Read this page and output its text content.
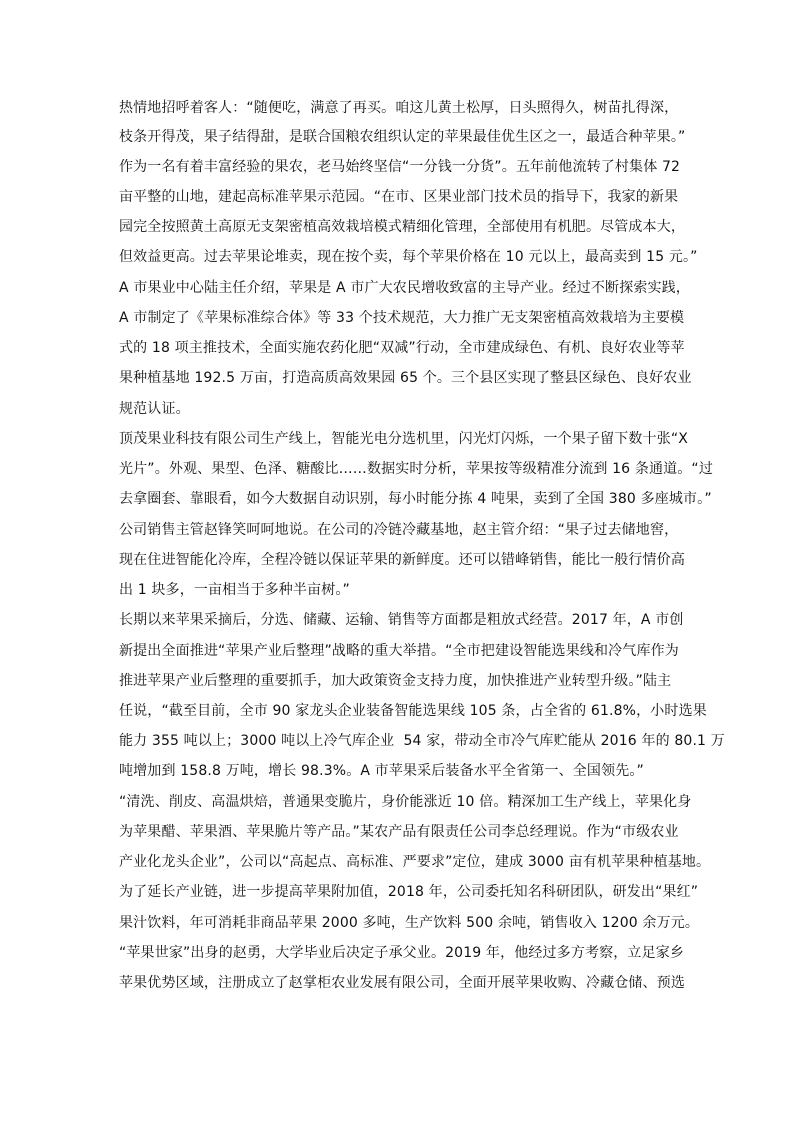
热情地招呼着客人：“随便吃，满意了再买。咱这儿黄土松厚，日头照得久，树苗扎得深，
枝条开得茂，果子结得甜，是联合国粮农组织认定的苹果最佳优生区之一，最适合种苹果。”
作为一名有着丰富经验的果农，老马始终坚信“一分钱一分货”。五年前他流转了村集体 72
亩平整的山地，建起高标准苹果示范园。“在市、区果业部门技术员的指导下，我家的新果
园完全按照黄土高原无支架密植高效栽培模式精细化管理，全部使用有机肥。尽管成本大，
但效益更高。过去苹果论堆卖，现在按个卖，每个苹果价格在 10 元以上，最高卖到 15 元。”
A 市果业中心陆主任介绍，苹果是 A 市广大农民增收致富的主导产业。经过不断探索实践，
A 市制定了《苹果标准综合体》等 33 个技术规范，大力推广无支架密植高效栽培为主要模
式的 18 项主推技术，全面实施农药化肥“双减”行动，全市建成绿色、有机、良好农业等苹
果种植基地 192.5 万亩，打造高质高效果园 65 个。三个县区实现了整县区绿色、良好农业
规范认证。
顶茂果业科技有限公司生产线上，智能光电分选机里，闪光灯闪烁，一个果子留下数十张“X
光片”。外观、果型、色泽、糖酸比……数据实时分析，苹果按等级精准分流到 16 条通道。“过
去拿圈套、靠眼看，如今大数据自动识别，每小时能分拣 4 吨果，卖到了全国 380 多座城市。”
公司销售主管赵锋笑呵呵地说。在公司的冷链冷藏基地，赵主管介绍：“果子过去储地窖，
现在住进智能化冷库，全程冷链以保证苹果的新鲜度。还可以错峰销售，能比一般行情价高
出 1 块多，一亩相当于多种半亩树。”
长期以来苹果采摘后，分选、储藏、运输、销售等方面都是粗放式经营。2017 年，A 市创
新提出全面推进“苹果产业后整理”战略的重大举措。“全市把建设智能选果线和冷气库作为
推进苹果产业后整理的重要抓手，加大政策资金支持力度，加快推进产业转型升级。”陆主
任说，“截至目前，全市 90 家龙头企业装备智能选果线 105 条，占全省的 61.8%，小时选果
能力 355 吨以上；3000 吨以上冷气库企业  54 家，带动全市冷气库贮能从 2016 年的 80.1 万
吨增加到 158.8 万吨，增长 98.3%。A 市苹果采后装备水平全省第一、全国领先。”
“清洗、削皮、高温烘焙，普通果变脆片，身价能涨近 10 倍。精深加工生产线上，苹果化身
为苹果醋、苹果酒、苹果脆片等产品。”某农产品有限责任公司李总经理说。作为“市级农业
产业化龙头企业”，公司以“高起点、高标准、严要求”定位，建成 3000 亩有机苹果种植基地。
为了延长产业链，进一步提高苹果附加值，2018 年，公司委托知名科研团队，研发出“果红”
果汁饮料，年可消耗非商品苹果 2000 多吨，生产饮料 500 余吨，销售收入 1200 余万元。
“苹果世家”出身的赵勇，大学毕业后决定子承父业。2019 年，他经过多方考察，立足家乡
苹果优势区域，注册成立了赵掌柜农业发展有限公司，全面开展苹果收购、冷藏仓储、预选
